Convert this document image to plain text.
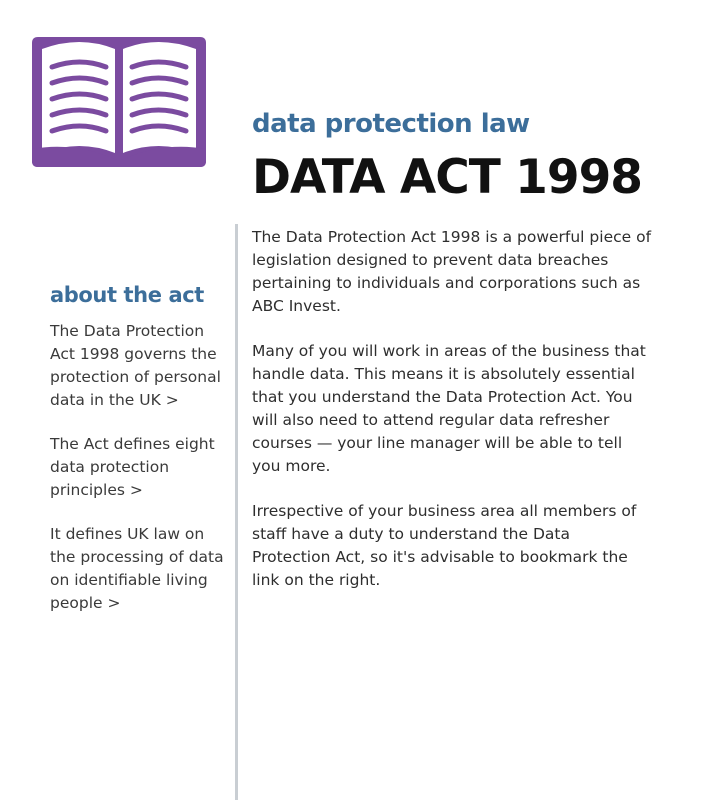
data protection law
DATA ACT 1998
about the act
The Data Protection Act 1998 governs the protection of personal data in the UK >
The Act defines eight data protection principles >
It defines UK law on the processing of data on identifiable living people >

The Data Protection Act 1998 is a powerful piece of legislation designed to prevent data breaches pertaining to individuals and corporations such as ABC Invest.

Many of you will work in areas of the business that handle data. This means it is absolutely essential that you understand the Data Protection Act. You will also need to attend regular data refresher courses — your line manager will be able to tell you more.

Irrespective of your business area all members of staff have a duty to understand the Data Protection Act, so it's advisable to bookmark the link on the right.
